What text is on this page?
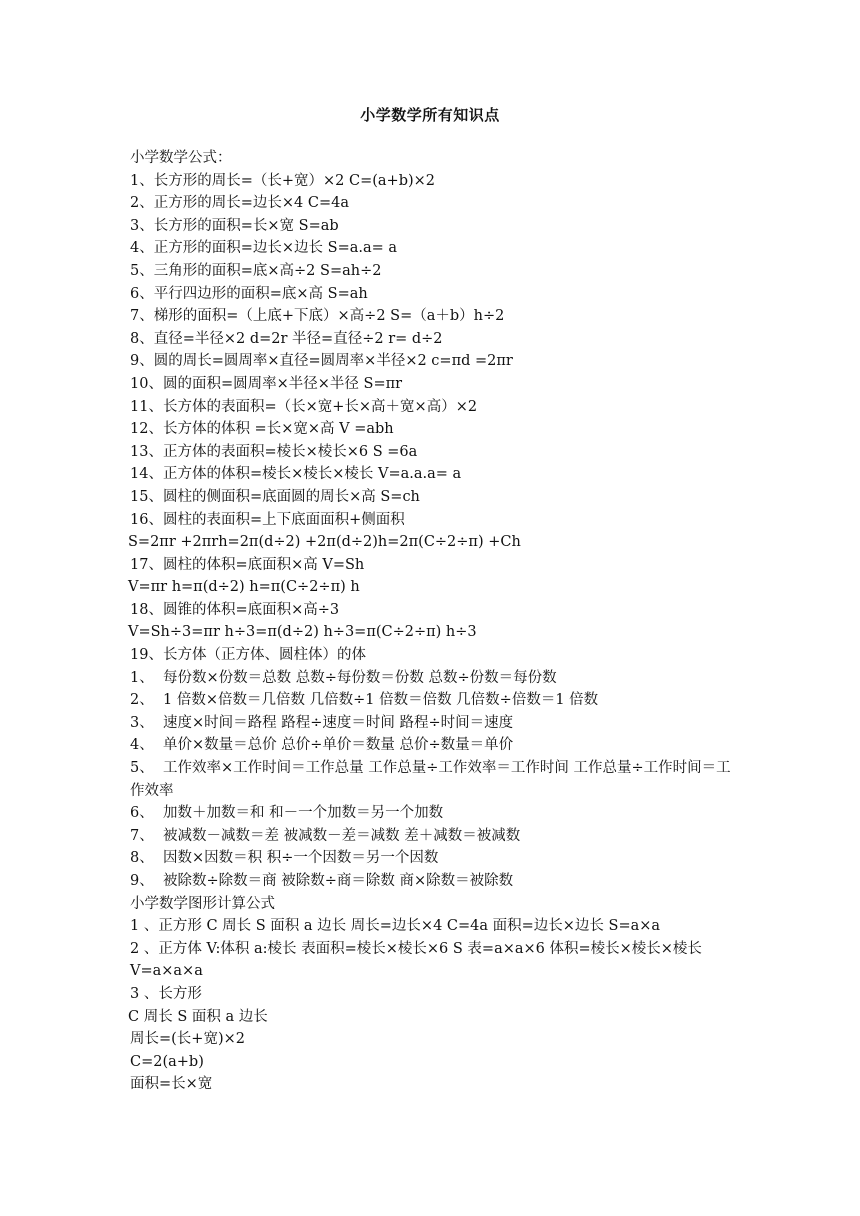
小学数学所有知识点
小学数学公式：
1、长方形的周长=（长+宽）×2 C=(a+b)×2
2、正方形的周长=边长×4 C=4a
3、长方形的面积=长×宽 S=ab
4、正方形的面积=边长×边长 S=a.a= a
5、三角形的面积=底×高÷2 S=ah÷2
6、平行四边形的面积=底×高 S=ah
7、梯形的面积=（上底+下底）×高÷2 S=（a＋b）h÷2
8、直径=半径×2 d=2r 半径=直径÷2 r= d÷2
9、圆的周长=圆周率×直径=圆周率×半径×2 c=πd =2πr
10、圆的面积=圆周率×半径×半径 S=πr
11、长方体的表面积=（长×宽+长×高＋宽×高）×2
12、长方体的体积 =长×宽×高 V =abh
13、正方体的表面积=棱长×棱长×6 S =6a
14、正方体的体积=棱长×棱长×棱长 V=a.a.a= a
15、圆柱的侧面积=底面圆的周长×高 S=ch
16、圆柱的表面积=上下底面面积+侧面积
S=2πr +2πrh=2π(d÷2) +2π(d÷2)h=2π(C÷2÷π) +Ch
17、圆柱的体积=底面积×高 V=Sh
V=πr h=π(d÷2) h=π(C÷2÷π) h
18、圆锥的体积=底面积×高÷3
V=Sh÷3=πr h÷3=π(d÷2) h÷3=π(C÷2÷π) h÷3
19、长方体（正方体、圆柱体）的体
1、 每份数×份数＝总数 总数÷每份数＝份数 总数÷份数＝每份数
2、 1 倍数×倍数＝几倍数 几倍数÷1 倍数＝倍数 几倍数÷倍数＝1 倍数
3、 速度×时间＝路程 路程÷速度＝时间 路程÷时间＝速度
4、 单价×数量＝总价 总价÷单价＝数量 总价÷数量＝单价
5、 工作效率×工作时间＝工作总量 工作总量÷工作效率＝工作时间 工作总量÷工作时间＝工作效率
6、 加数＋加数＝和 和－一个加数＝另一个加数
7、 被减数－减数＝差 被减数－差＝减数 差＋减数＝被减数
8、 因数×因数＝积 积÷一个因数＝另一个因数
9、 被除数÷除数＝商 被除数÷商＝除数 商×除数＝被除数
小学数学图形计算公式
1 、正方形 C 周长 S 面积 a 边长 周长=边长×4 C=4a 面积=边长×边长 S=a×a
2 、正方体 V:体积 a:棱长 表面积=棱长×棱长×6 S 表=a×a×6 体积=棱长×棱长×棱长 V=a×a×a
3 、长方形
C 周长 S 面积 a 边长
周长=(长+宽)×2
C=2(a+b)
面积=长×宽
